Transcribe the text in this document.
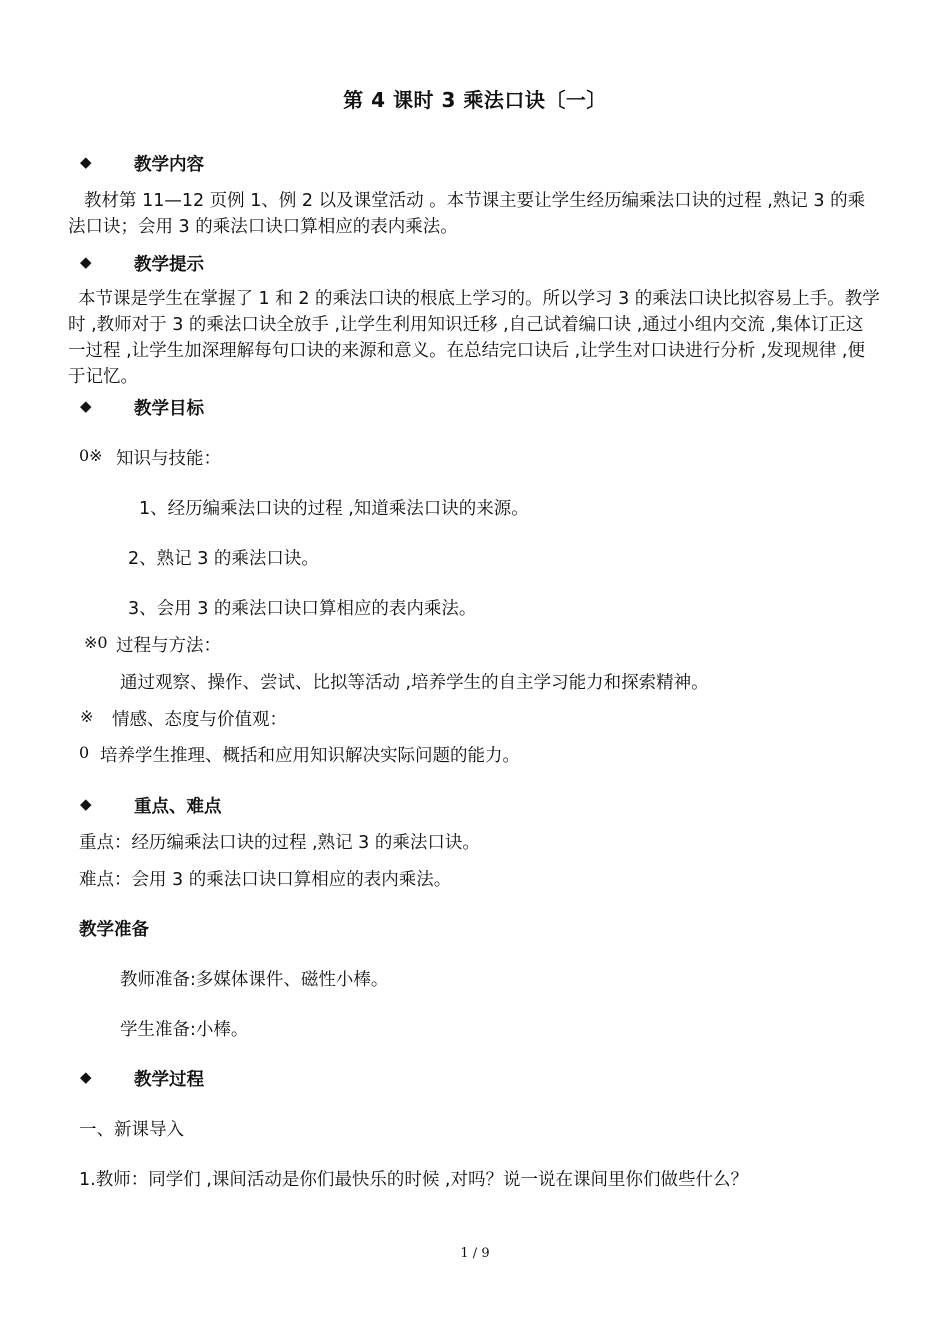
第 4 课时 3 乘法口诀〔一〕
◆ 教学内容
教材第 11—12 页例 1、例 2 以及课堂活动 。本节课主要让学生经历编乘法口诀的过程 ,熟记 3 的乘法口诀；会用 3 的乘法口诀口算相应的表内乘法。
◆ 教学提示
本节课是学生在掌握了 1 和 2 的乘法口诀的根底上学习的。所以学习 3 的乘法口诀比拟容易上手。教学时 ,教师对于 3 的乘法口诀全放手 ,让学生利用知识迁移 ,自己试着编口诀 ,通过小组内交流 ,集体订正这一过程 ,让学生加深理解每句口诀的来源和意义。在总结完口诀后 ,让学生对口诀进行分析 ,发现规律 ,便于记忆。
◆ 教学目标
0※ 知识与技能：
1、经历编乘法口诀的过程 ,知道乘法口诀的来源。
2、熟记 3 的乘法口诀。
3、会用 3 的乘法口诀口算相应的表内乘法。
※0 过程与方法：
通过观察、操作、尝试、比拟等活动 ,培养学生的自主学习能力和探索精神。
※ 情感、态度与价值观：
0 培养学生推理、概括和应用知识解决实际问题的能力。
◆ 重点、难点
重点：经历编乘法口诀的过程 ,熟记 3 的乘法口诀。
难点：会用 3 的乘法口诀口算相应的表内乘法。
教学准备
教师准备:多媒体课件、磁性小棒。
学生准备:小棒。
◆ 教学过程
一、新课导入
1.教师：同学们 ,课间活动是你们最快乐的时候 ,对吗？说一说在课间里你们做些什么？
1 / 9
